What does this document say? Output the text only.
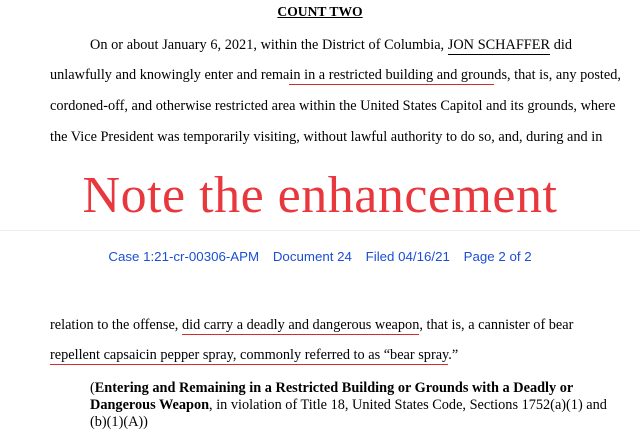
COUNT TWO
On or about January 6, 2021, within the District of Columbia, JON SCHAFFER did
unlawfully and knowingly enter and remain in a restricted building and grounds, that is, any posted,
cordoned-off, and otherwise restricted area within the United States Capitol and its grounds, where
the Vice President was temporarily visiting, without lawful authority to do so, and, during and in
Note the enhancement
Case 1:21-cr-00306-APM Document 24 Filed 04/16/21 Page 2 of 2
relation to the offense, did carry a deadly and dangerous weapon, that is, a cannister of bear
repellent capsaicin pepper spray, commonly referred to as “bear spray.”
(Entering and Remaining in a Restricted Building or Grounds with a Deadly or
Dangerous Weapon, in violation of Title 18, United States Code, Sections 1752(a)(1) and
(b)(1)(A))
